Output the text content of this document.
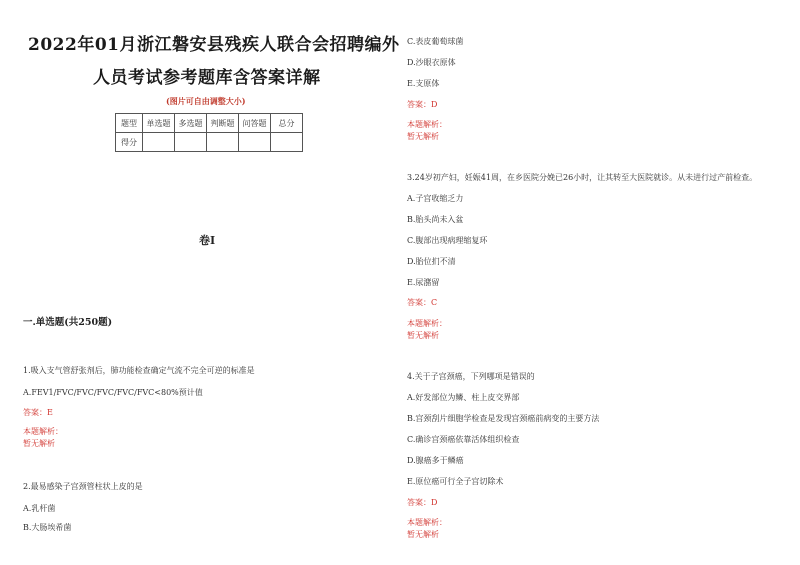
2022年01月浙江磐安县残疾人联合会招聘编外
人员考试参考题库含答案详解
(图片可自由调整大小)
题型	单选题	多选题	判断题	问答题	总分
得分					
卷I
一.单选题(共250题)
1.吸入支气管舒张剂后，肺功能检查确定气流不完全可逆的标准是
A.FEV1/FVC/FVC/FVC/FVC/FVC<80%预计值
答案：E
本题解析：
暂无解析
2.最易感染子宫颈管柱状上皮的是
A.乳杆菌
B.大肠埃希菌
C.表皮葡萄球菌
D.沙眼衣原体
E.支原体
答案：D
本题解析：
暂无解析
3.24岁初产妇，妊娠41周，在乡医院分娩已26小时，让其转至大医院就诊。从未进行过产前检查。
A.子宫收缩乏力
B.胎头尚未入盆
C.腹部出现病理缩复环
D.胎位扪不清
E.尿潴留
答案：C
本题解析：
暂无解析
4.关于子宫颈癌，下列哪项是错误的
A.好发部位为鳞、柱上皮交界部
B.宫颈刮片细胞学检查是发现宫颈癌前病变的主要方法
C.确诊宫颈癌依靠活体组织检查
D.腺癌多于鳞癌
E.原位癌可行全子宫切除术
答案：D
本题解析：
暂无解析
